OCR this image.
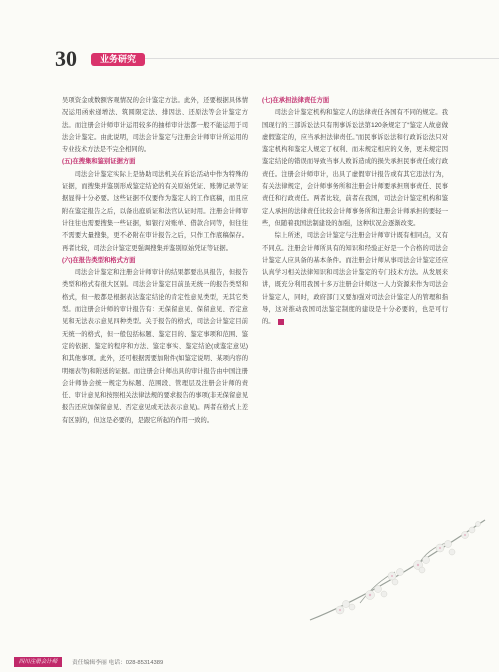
30	业务研究

吴项资金或数额客观情况的会计鉴定方法。此外，还要根据具体情况运用函索递增法、筑圆限定法、排因法、还原法等会计鉴定方法。而注册会计师审计运用较多的抽样审计法都一般不能运用于司法会计鉴定。由此说明，司法会计鉴定与注册会计师审计所运用的专业技术方法是不完全相同的。

(五)在搜集和鉴别证据方面

司法会计鉴定实际上是协助司法机关在诉讼活动中作为特殊的证据，而搜集并鉴别形成鉴定结论的有关原始凭证、账簿记录等证据显得十分必要。这些证据不仅要作为鉴定人的工作底稿，而且应附在鉴定报告之后，以备出庭质证和法官认证时用。注册会计师审计往往也需要搜集一些证据，如银行对账单、借款合同等，但往往不需要大量搜集，更不必附在审计报告之后，只作工作底稿保存。再者比较，司法会计鉴定更强调搜集并鉴别原始凭证等证据。

(六)在报告类型和格式方面

司法会计鉴定和注册会计师审计的结果都要出具报告，但报告类型和格式有很大区别。司法会计鉴定目前虽无统一的报告类型和格式，但一般都是根据表达鉴定结论的肯定性意见类型，无其它类型。而注册会计师的审计报告有：无保留意见、保留意见、否定意见和无法表示意见四种类型。关于报告的格式，司法会计鉴定目前无统一的格式，但一般包括标题、鉴定目的、鉴定事项和范围、鉴定的依据、鉴定的程序和方法、鉴定事实、鉴定结论(或鉴定意见)和其他事项。此外，还可根据需要加附件(如鉴定说明、某项内容的明细表等)和附送的证据。而注册会计师出具的审计报告由中国注册会计师协会统一规定为标题、范围段、管理层及注册会计师的责任、审计意见和按照相关法律法规的要求报告的事项(非无保留意见报告还应加保留意见、否定意见或无法表示意见)。两者在格式上差有区别的，但这是必要的，是跟它所起的作用一致的。

(七)在承担法律责任方面

司法会计鉴定机构和鉴定人的法律责任各国有不同的规定。我国现行的三部诉讼法只有刑事诉讼法第120条规定了“鉴定人故意做虚假鉴定的，应当承担法律责任。”而民事诉讼法和行政诉讼法只对鉴定机构和鉴定人规定了权利、而未规定相应的义务，更未规定因鉴定结论的错误而导致当事人败诉造成的损失承担民事责任或行政责任。注册会计师审计，出具了虚假审计报告或有其它违法行为，有关法律规定，会计师事务所和注册会计师要承担刑事责任、民事责任和行政责任。两者比较，前者在我国，司法会计鉴定机构和鉴定人承担的法律责任比较会计师事务所和注册会计师承担的要轻一些，但随着我国法制建设的加强，这种状况会逐渐改变。

综上所述，司法会计鉴定与注册会计师审计既有相同点，又有不同点。注册会计师所具有的知识和经验正好是一个合格的司法会计鉴定人应具备的基本条件。而注册会计师从事司法会计鉴定还应认真学习相关法律知识和司法会计鉴定的专门技术方法。从发展来讲，既充分利用我国十多万注册会计师这一人力资源来作为司法会计鉴定人，同时，政府部门又要加强对司法会计鉴定人的管理和指导，这对推动我国司法鉴定制度的建设是十分必要的，也是可行的。

四川注册会计师	责任编辑李丽 电话：028-85314389
